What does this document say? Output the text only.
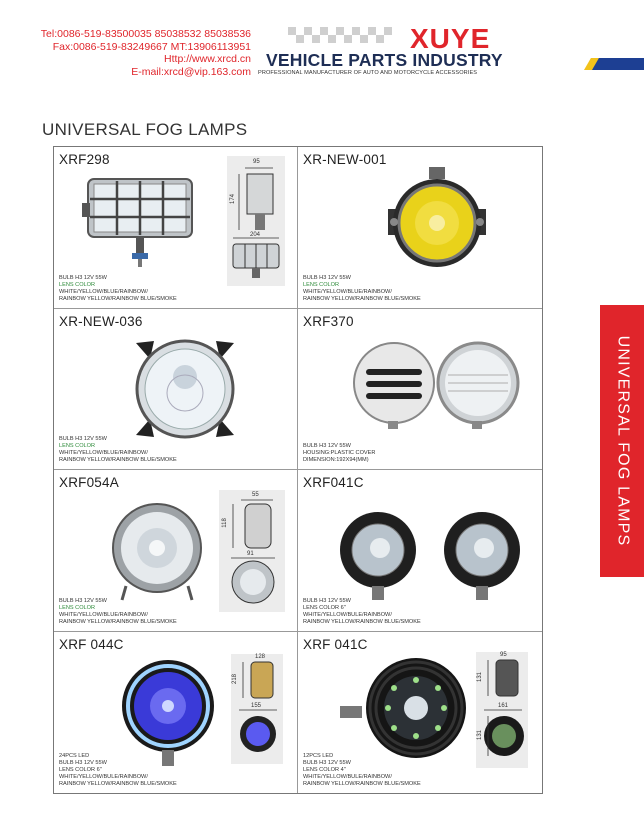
Tel:0086-519-83500035 85038532 85038536
Fax:0086-519-83249667 MT:13906113951
Http://www.xrcd.cn
E-mail:xrcd@vip.163.com
XUYE
VEHICLE PARTS INDUSTRY
PROFESSIONAL MANUFACTURER OF AUTO AND MOTORCYCLE ACCESSORIES
UNIVERSAL FOG LAMPS
UNIVERSAL FOG LAMPS
XRF298	95
174
204
BULB H3 12V 55W
LENS COLOR
WHITE/YELLOW/BLUE/RAINBOW/
RAINBOW YELLOW/RAINBOW BLUE/SMOKE
XR-NEW-001
BULB H3 12V 55W
LENS COLOR
WHITE/YELLOW/BLUE/RAINBOW/
RAINBOW YELLOW/RAINBOW BLUE/SMOKE
XR-NEW-036
BULB H3 12V 55W
LENS COLOR
WHITE/YELLOW/BLUE/RAINBOW/
RAINBOW YELLOW/RAINBOW BLUE/SMOKE
XRF370
BULB H3 12V 55W
HOUSING:PLASTIC COVER
DIMENSION:192X94(MM)
XRF054A
55
118
91
BULB H3 12V 55W
LENS COLOR
WHITE/YELLOW/BLUE/RAINBOW/
RAINBOW YELLOW/RAINBOW BLUE/SMOKE
XRF041C
BULB H3 12V 55W
LENS COLOR 6"
WHITE/YELLOW/BULE/RAINBOW/
RAINBOW YELLOW/RAINBOW BLUE/SMOKE
XRF 044C
128
218
155
24PCS LED
BULB H3 12V 55W
LENS COLOR 6"
WHITE/YELLOW/BULE/RAINBOW/
RAINBOW YELLOW/RAINBOW BLUE/SMOKE
XRF 041C
95
131
161
131
12PCS LED
BULB H3 12V 55W
LENS COLOR 4"
WHITE/YELLOW/BULE/RAINBOW/
RAINBOW YELLOW/RAINBOW BLUE/SMOKE
